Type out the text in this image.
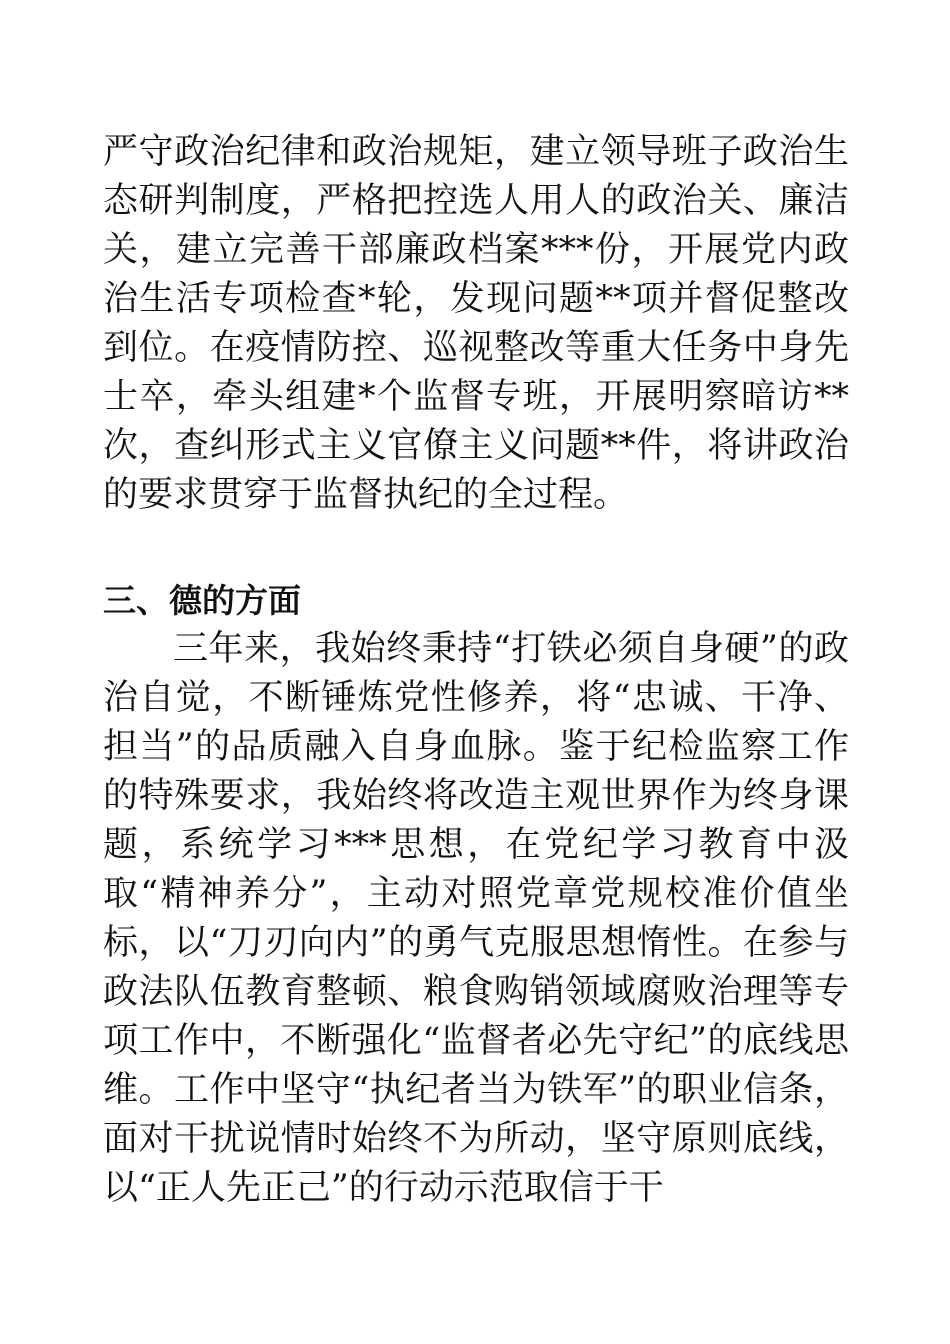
严守政治纪律和政治规矩，建立领导班子政治生态研判制度，严格把控选人用人的政治关、廉洁关，建立完善干部廉政档案***份，开展党内政治生活专项检查*轮，发现问题**项并督促整改到位。在疫情防控、巡视整改等重大任务中身先士卒，牵头组建*个监督专班，开展明察暗访**次，查纠形式主义官僚主义问题**件，将讲政治的要求贯穿于监督执纪的全过程。

三、德的方面

三年来，我始终秉持“打铁必须自身硬”的政治自觉，不断锤炼党性修养，将“忠诚、干净、担当”的品质融入自身血脉。鉴于纪检监察工作的特殊要求，我始终将改造主观世界作为终身课题，系统学习***思想，在党纪学习教育中汲取“精神养分”，主动对照党章党规校准价值坐标，以“刀刃向内”的勇气克服思想惰性。在参与政法队伍教育整顿、粮食购销领域腐败治理等专项工作中，不断强化“监督者必先守纪”的底线思维。工作中坚守“执纪者当为铁军”的职业信条，面对干扰说情时始终不为所动，坚守原则底线，以“正人先正己”的行动示范取信于干
